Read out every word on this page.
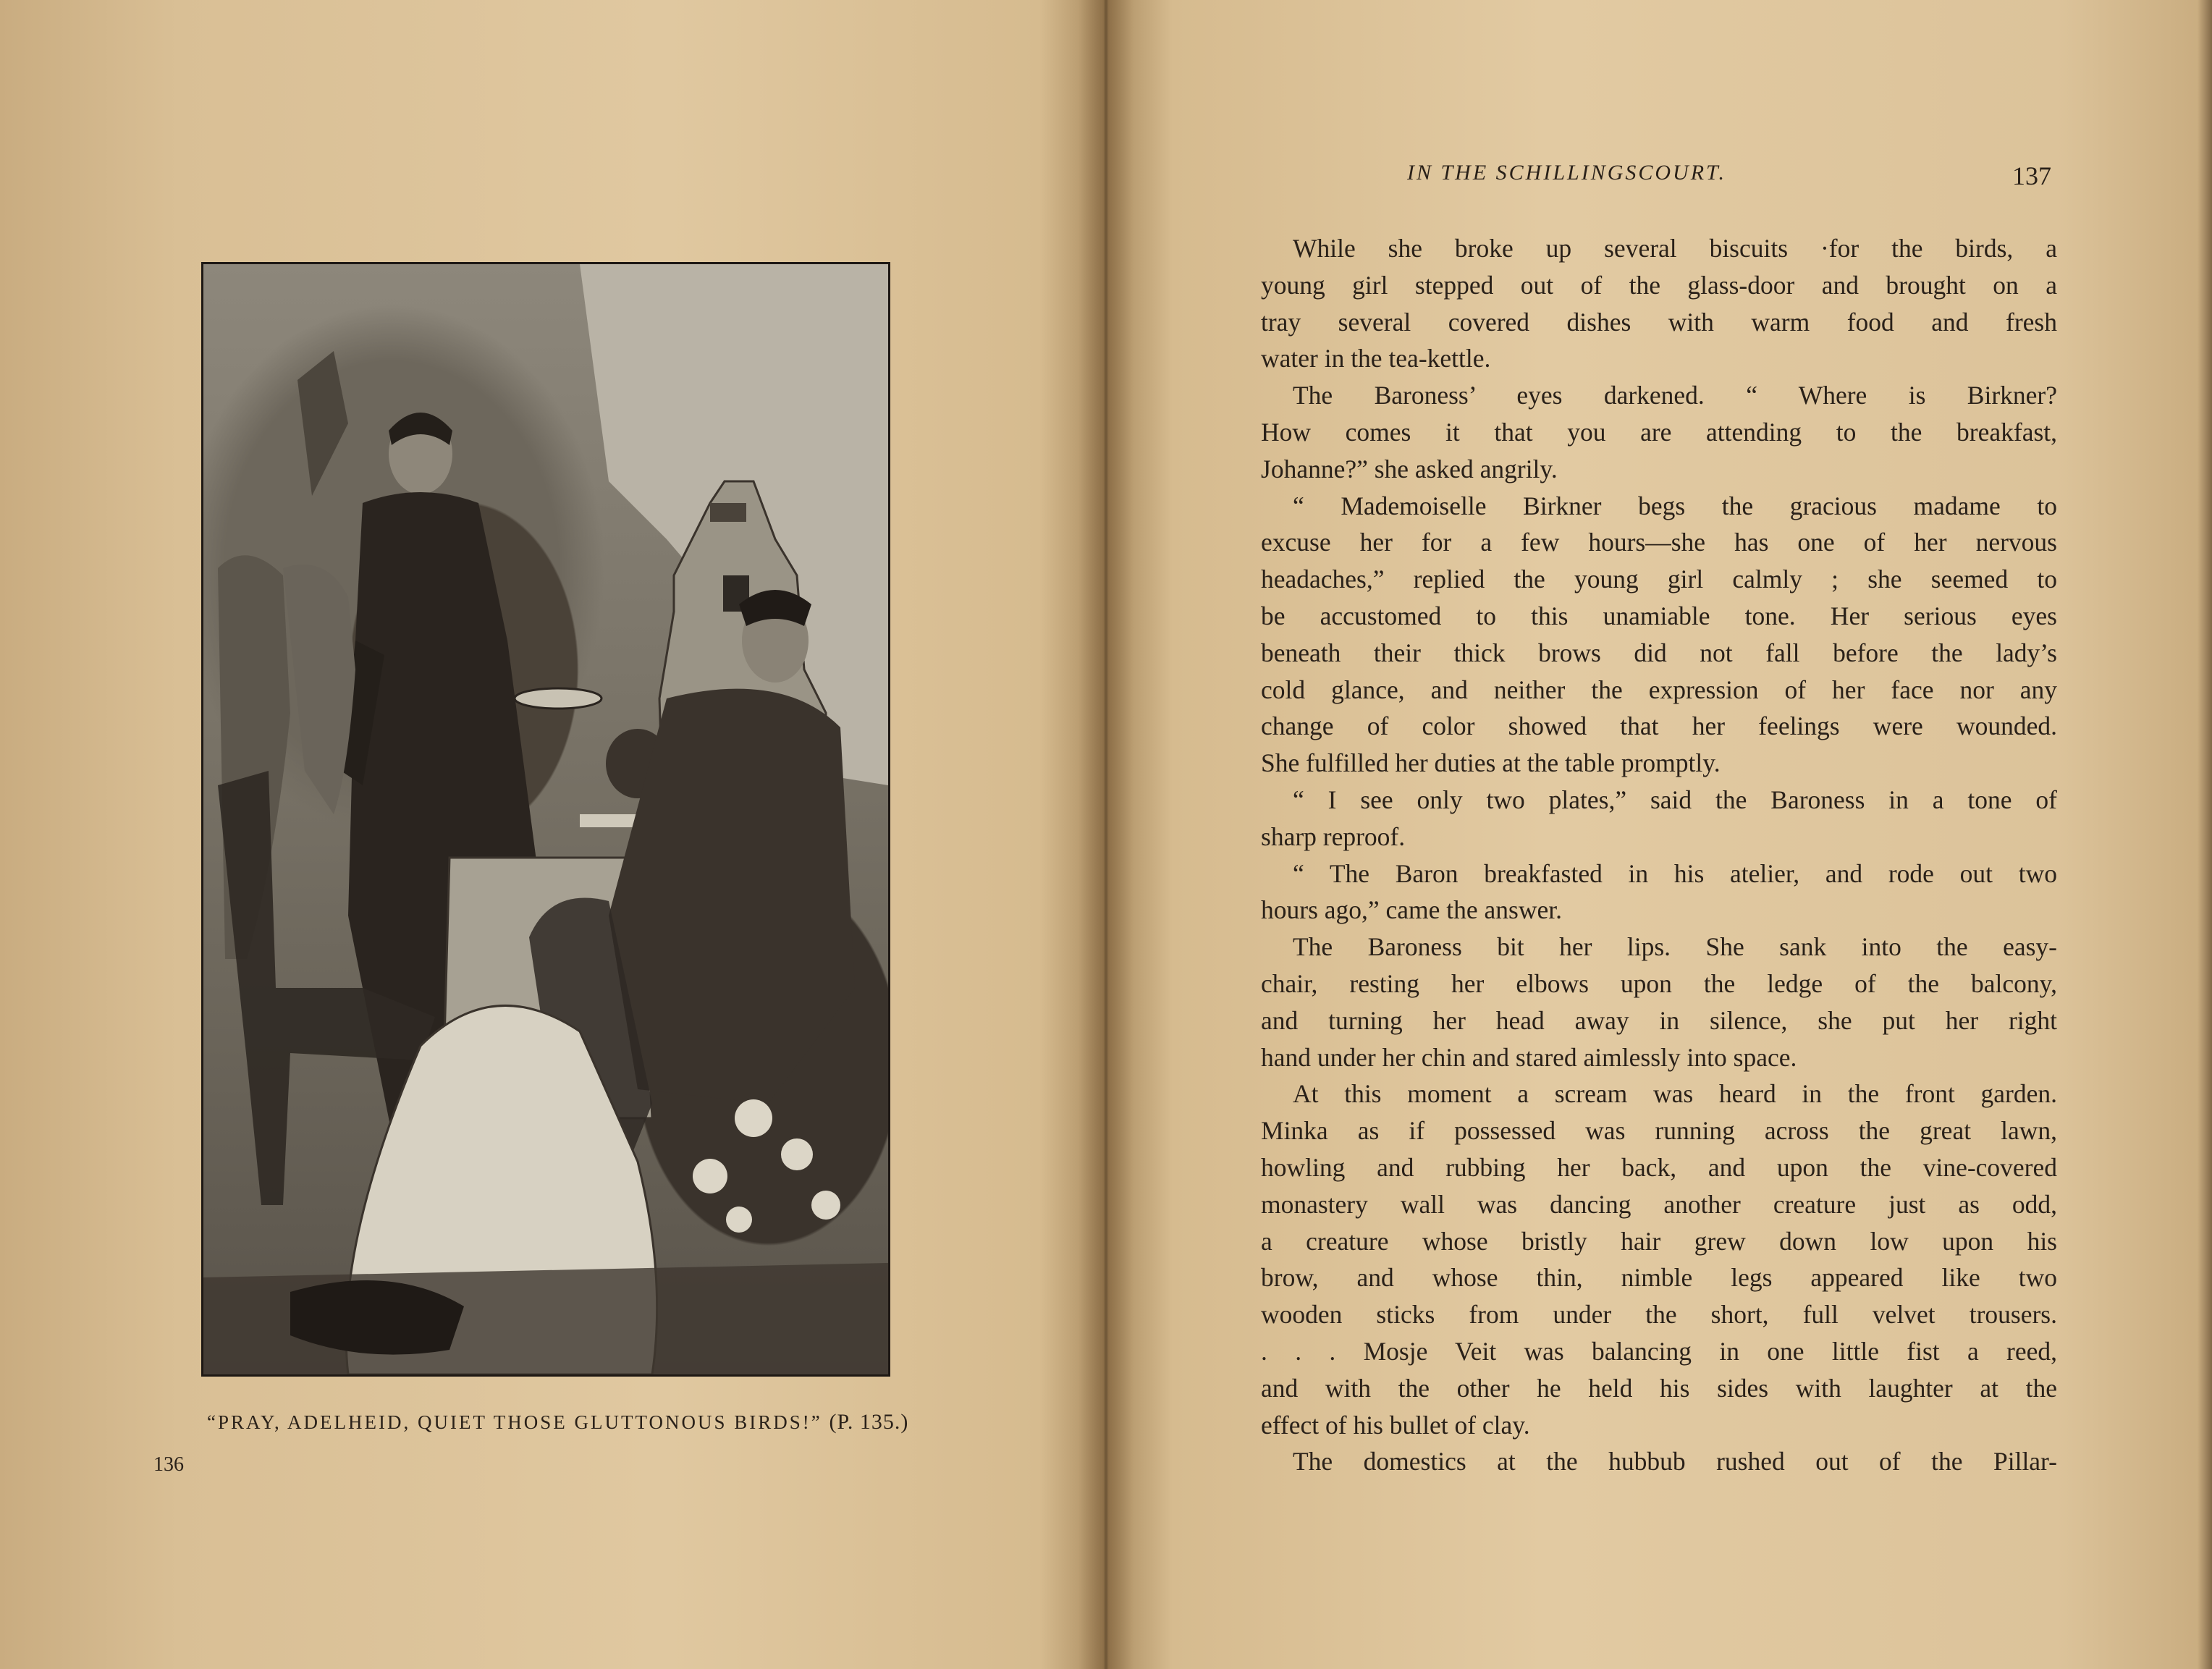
“PRAY, ADELHEID, QUIET THOSE GLUTTONOUS BIRDS!” (P. 135.)
136
IN THE SCHILLINGSCOURT.	137
While she broke up several biscuits ·for the birds, a
young girl stepped out of the glass-door and brought on a
tray several covered dishes with warm food and fresh
water in the tea-kettle.
The Baroness’ eyes darkened. “ Where is Birkner?
How comes it that you are attending to the breakfast,
Johanne?” she asked angrily.
“ Mademoiselle Birkner begs the gracious madame to
excuse her for a few hours—she has one of her nervous
headaches,” replied the young girl calmly ; she seemed to
be accustomed to this unamiable tone. Her serious eyes
beneath their thick brows did not fall before the lady’s
cold glance, and neither the expression of her face nor any
change of color showed that her feelings were wounded.
She fulfilled her duties at the table promptly.
“ I see only two plates,” said the Baroness in a tone of
sharp reproof.
“ The Baron breakfasted in his atelier, and rode out two
hours ago,” came the answer.
The Baroness bit her lips. She sank into the easy-
chair, resting her elbows upon the ledge of the balcony,
and turning her head away in silence, she put her right
hand under her chin and stared aimlessly into space.
At this moment a scream was heard in the front garden.
Minka as if possessed was running across the great lawn,
howling and rubbing her back, and upon the vine-covered
monastery wall was dancing another creature just as odd,
a creature whose bristly hair grew down low upon his
brow, and whose thin, nimble legs appeared like two
wooden sticks from under the short, full velvet trousers.
. . . Mosje Veit was balancing in one little fist a reed,
and with the other he held his sides with laughter at the
effect of his bullet of clay.
The domestics at the hubbub rushed out of the Pillar-
